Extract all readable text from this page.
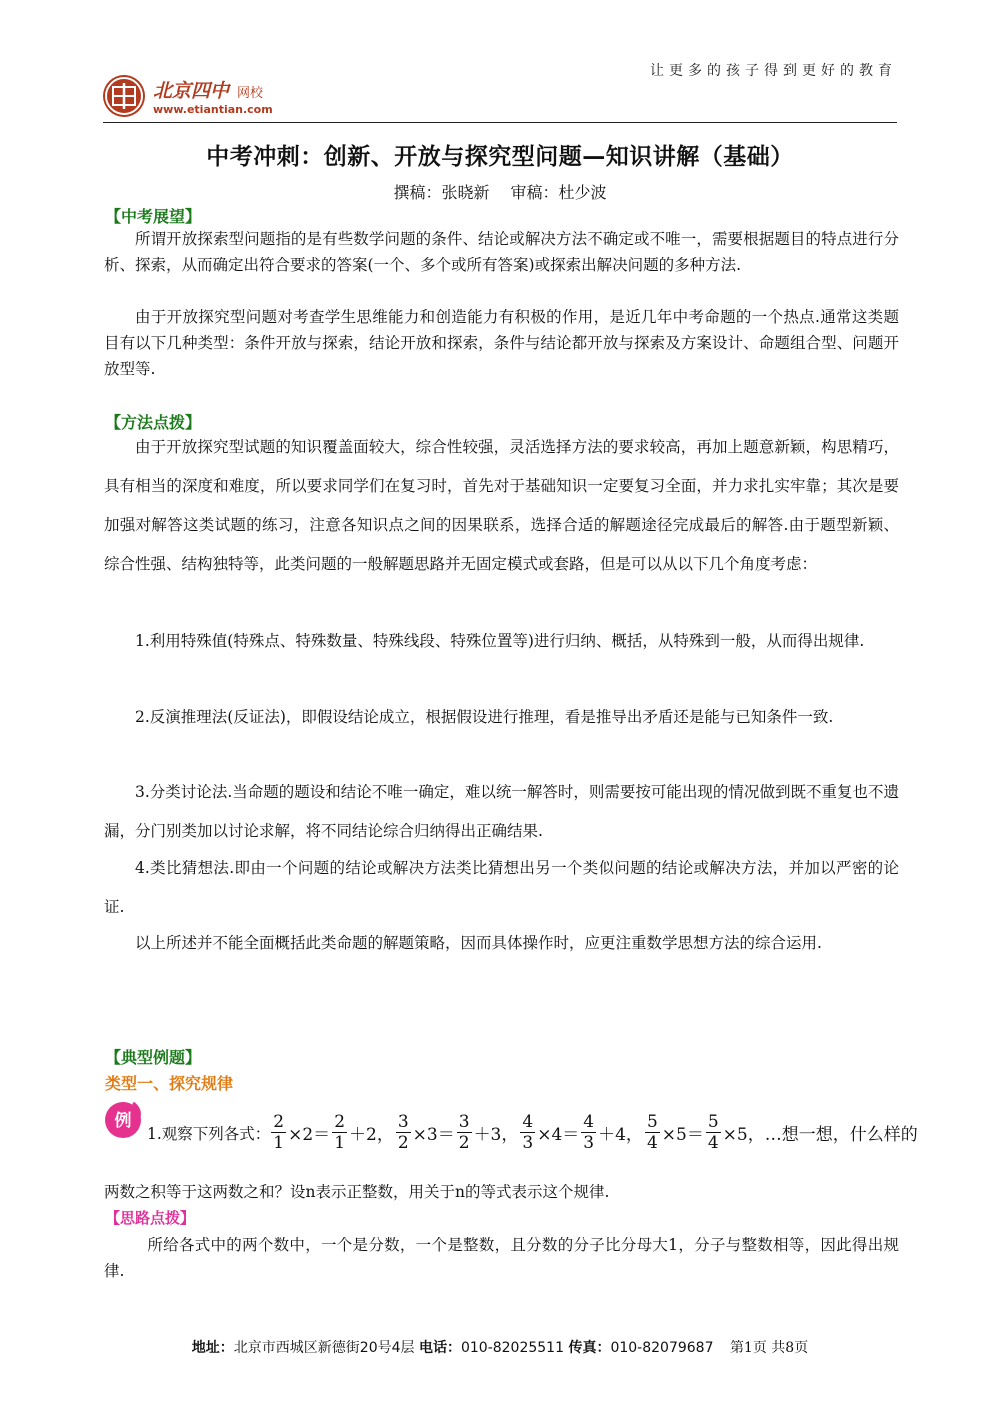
让更多的孩子得到更好的教育
北京四中 网校
www.etiantian.com
中考冲刺：创新、开放与探究型问题—知识讲解（基础）
撰稿：张晓新 审稿：杜少波
【中考展望】

所谓开放探索型问题指的是有些数学问题的条件、结论或解决方法不确定或不唯一，需要根据题目的特点进行分析、探索，从而确定出符合要求的答案(一个、多个或所有答案)或探索出解决问题的多种方法.

由于开放探究型问题对考查学生思维能力和创造能力有积极的作用，是近几年中考命题的一个热点.通常这类题目有以下几种类型：条件开放与探索，结论开放和探索，条件与结论都开放与探索及方案设计、命题组合型、问题开放型等.

【方法点拨】

由于开放探究型试题的知识覆盖面较大，综合性较强，灵活选择方法的要求较高，再加上题意新颖，构思精巧，具有相当的深度和难度，所以要求同学们在复习时，首先对于基础知识一定要复习全面，并力求扎实牢靠；其次是要加强对解答这类试题的练习，注意各知识点之间的因果联系，选择合适的解题途径完成最后的解答.由于题型新颖、综合性强、结构独特等，此类问题的一般解题思路并无固定模式或套路，但是可以从以下几个角度考虑：

1.利用特殊值(特殊点、特殊数量、特殊线段、特殊位置等)进行归纳、概括，从特殊到一般，从而得出规律.

2.反演推理法(反证法)，即假设结论成立，根据假设进行推理，看是推导出矛盾还是能与已知条件一致.

3.分类讨论法.当命题的题设和结论不唯一确定，难以统一解答时，则需要按可能出现的情况做到既不重复也不遗漏，分门别类加以讨论求解，将不同结论综合归纳得出正确结果.

4.类比猜想法.即由一个问题的结论或解决方法类比猜想出另一个类似问题的结论或解决方法，并加以严密的论证.

以上所述并不能全面概括此类命题的解题策略，因而具体操作时，应更注重数学思想方法的综合运用.

【典型例题】
类型一、探究规律
例
1.观察下列各式： $\frac{2}{1} \times 2= \frac{2}{1} +2$， $\frac{3}{2} \times 3= \frac{3}{2} +3$， $\frac{4}{3} \times 4= \frac{4}{3} +4$， $\frac{5}{4} \times 5= \frac{5}{4} \times 5$，…想一想，什么样的
两数之积等于这两数之和？设n表示正整数，用关于n的等式表示这个规律.
【思路点拨】

所给各式中的两个数中，一个是分数，一个是整数，且分数的分子比分母大1，分子与整数相等，因此得出规律.

地址：北京市西城区新德街20号4层 电话：010-82025511 传真：010-82079687 第1页 共8页
